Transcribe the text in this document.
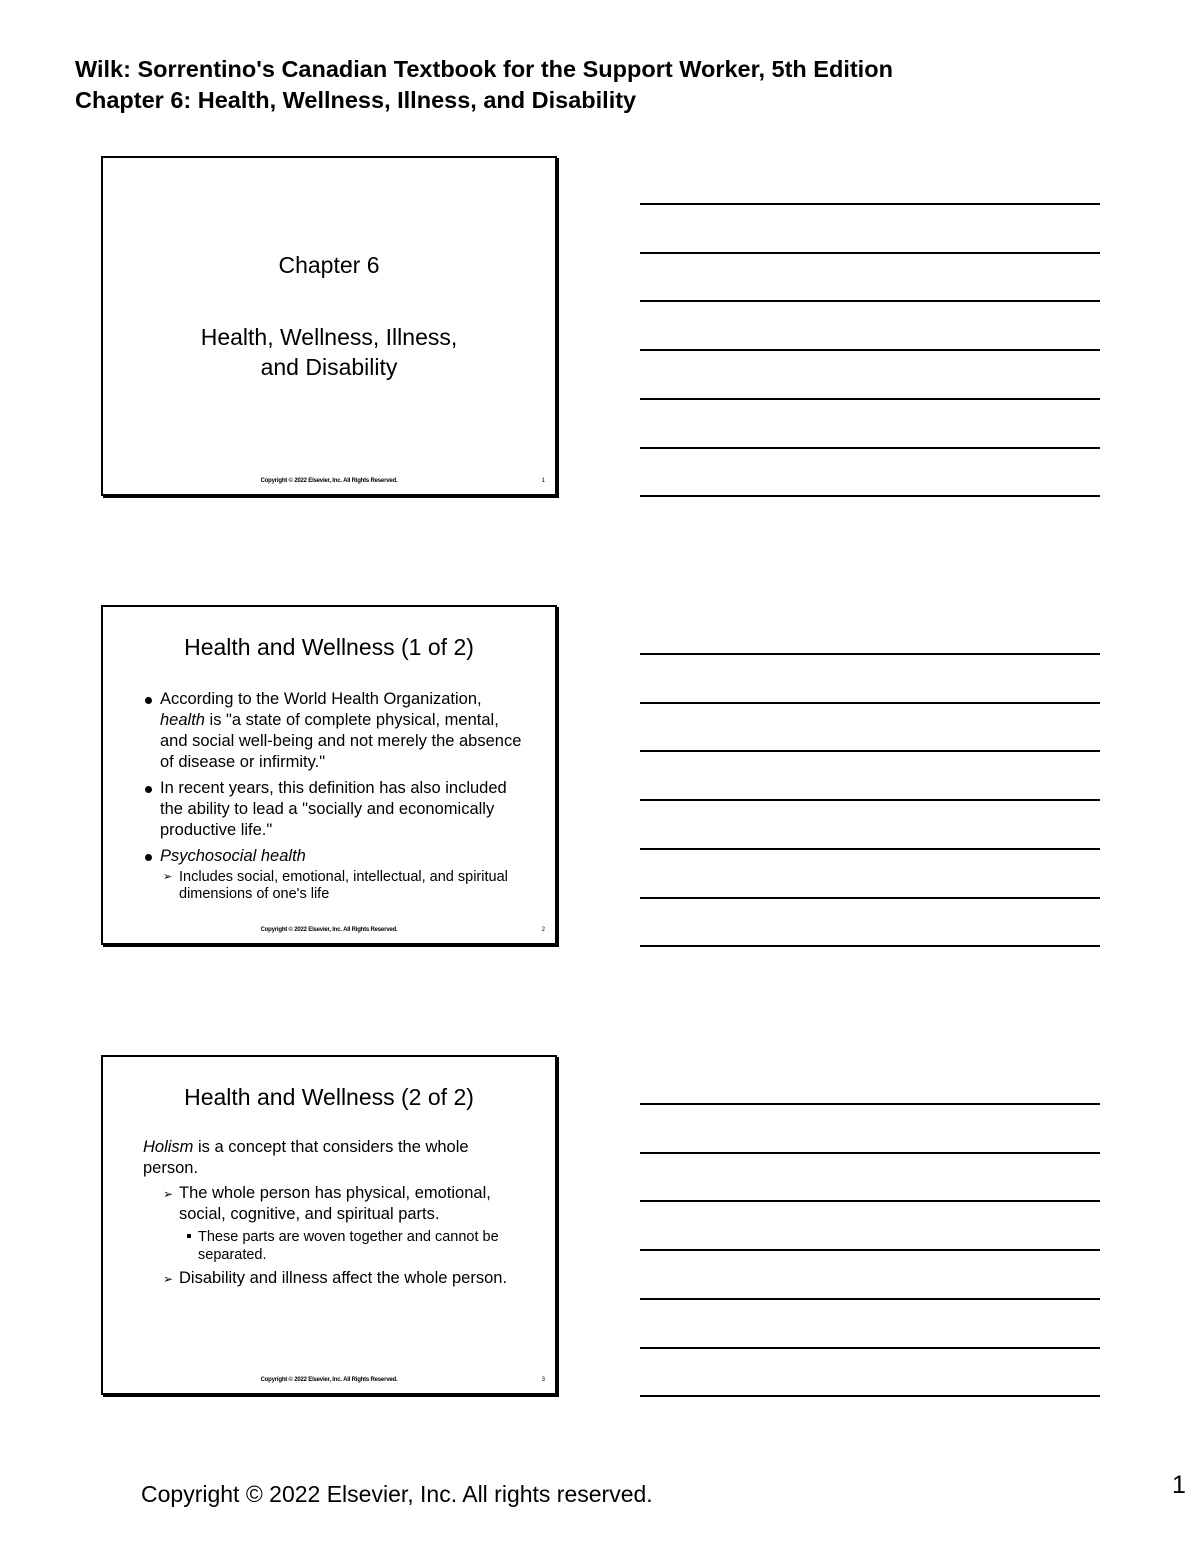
Wilk: Sorrentino's Canadian Textbook for the Support Worker, 5th Edition
Chapter 6: Health, Wellness, Illness, and Disability
Chapter 6
Health, Wellness, Illness,
and Disability
Copyright © 2022 Elsevier, Inc. All Rights Reserved.	1
Health and Wellness (1 of 2)
According to the World Health Organization, health is "a state of complete physical, mental, and social well-being and not merely the absence of disease or infirmity."
In recent years, this definition has also included the ability to lead a "socially and economically productive life."
Psychosocial health
➢ Includes social, emotional, intellectual, and spiritual dimensions of one's life
Copyright © 2022 Elsevier, Inc. All Rights Reserved.	2
Health and Wellness (2 of 2)
Holism is a concept that considers the whole person.
➢ The whole person has physical, emotional, social, cognitive, and spiritual parts.
These parts are woven together and cannot be separated.
➢ Disability and illness affect the whole person.
Copyright © 2022 Elsevier, Inc. All Rights Reserved.	3
Copyright © 2022 Elsevier, Inc. All rights reserved.	1
